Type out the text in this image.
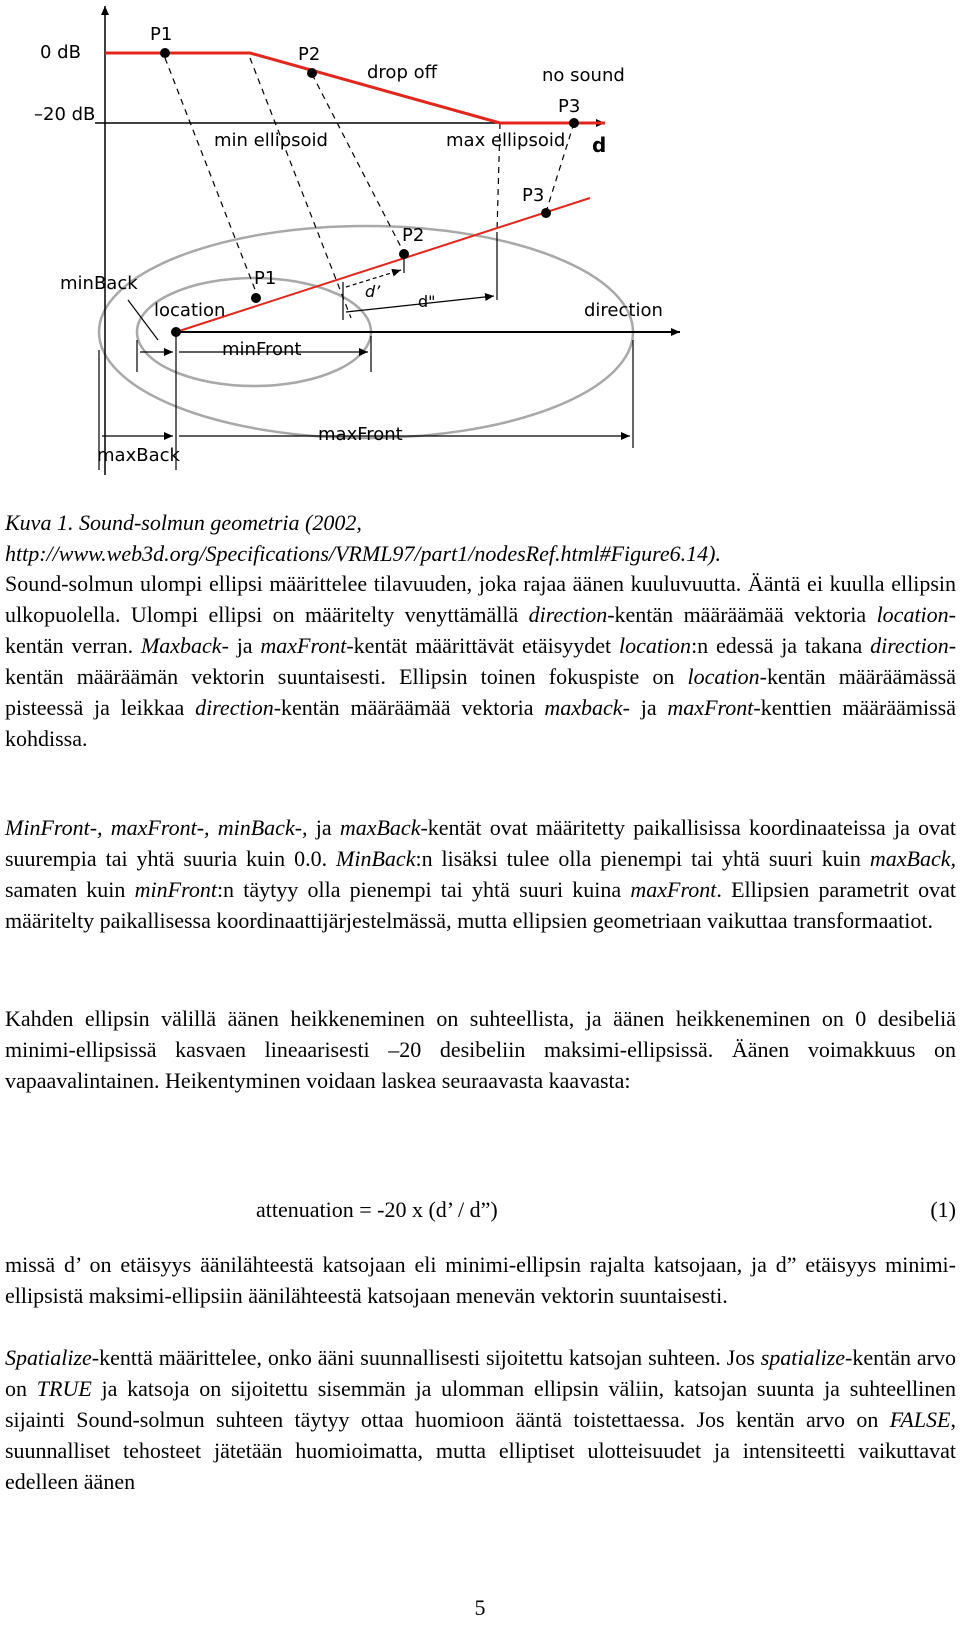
0 dB
–20 dB
P1
P2
P3
drop off	no sound
min ellipsoid	max ellipsoid d
P1
P2
P3
d’
d"
minBack
location	direction
minFront
maxFront
maxBack
Kuva 1. Sound-solmun geometria (2002,
http://www.web3d.org/Specifications/VRML97/part1/nodesRef.html#Figure6.14).

Sound-solmun ulompi ellipsi määrittelee tilavuuden, joka rajaa äänen kuuluvuutta. Ääntä ei kuulla ellipsin ulkopuolella. Ulompi ellipsi on määritelty venyttämällä direction-kentän määräämää vektoria location-kentän verran. Maxback- ja maxFront-kentät määrittävät etäisyydet location:n edessä ja takana direction-kentän määräämän vektorin suuntaisesti. Ellipsin toinen fokuspiste on location-kentän määräämässä pisteessä ja leikkaa direction-kentän määräämää vektoria maxback- ja maxFront-kenttien määräämissä kohdissa.

MinFront-, maxFront-, minBack-, ja maxBack-kentät ovat määritetty paikallisissa koordinaateissa ja ovat suurempia tai yhtä suuria kuin 0.0. MinBack:n lisäksi tulee olla pienempi tai yhtä suuri kuin maxBack, samaten kuin minFront:n täytyy olla pienempi tai yhtä suuri kuina maxFront. Ellipsien parametrit ovat määritelty paikallisessa koordinaattijärjestelmässä, mutta ellipsien geometriaan vaikuttaa transformaatiot.

Kahden ellipsin välillä äänen heikkeneminen on suhteellista, ja äänen heikkeneminen on 0 desibeliä minimi-ellipsissä kasvaen lineaarisesti –20 desibeliin maksimi-ellipsissä. Äänen voimakkuus on vapaavalintainen. Heikentyminen voidaan laskea seuraavasta kaavasta:

attenuation = -20 x (d’ / d”)	(1)

missä d’ on etäisyys äänilähteestä katsojaan eli minimi-ellipsin rajalta katsojaan, ja d” etäisyys minimi-ellipsistä maksimi-ellipsiin äänilähteestä katsojaan menevän vektorin suuntaisesti.

Spatialize-kenttä määrittelee, onko ääni suunnallisesti sijoitettu katsojan suhteen. Jos spatialize-kentän arvo on TRUE ja katsoja on sijoitettu sisemmän ja ulomman ellipsin väliin, katsojan suunta ja suhteellinen sijainti Sound-solmun suhteen täytyy ottaa huomioon ääntä toistettaessa. Jos kentän arvo on FALSE, suunnalliset tehosteet jätetään huomioimatta, mutta elliptiset ulotteisuudet ja intensiteetti vaikuttavat edelleen äänen

5
